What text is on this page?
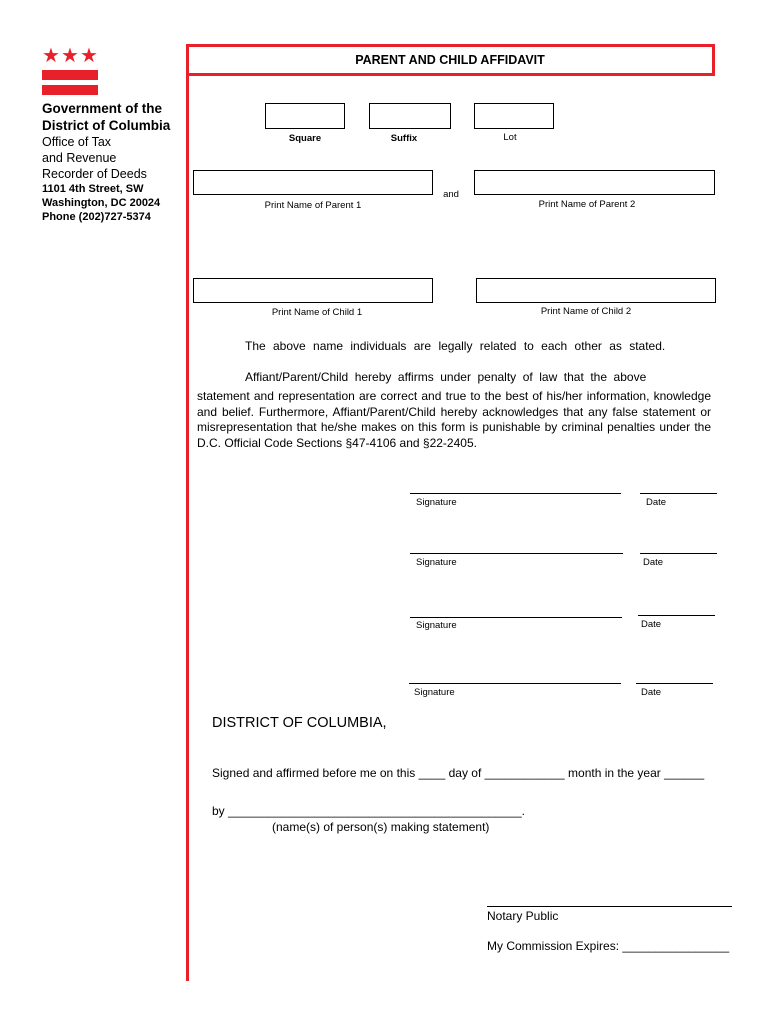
★ ★ ★
Government of the
District of Columbia
Office of Tax
and Revenue
Recorder of Deeds
1101 4th Street, SW
Washington, DC 20024
Phone (202)727-5374
PARENT AND CHILD AFFIDAVIT
Square	Suffix	Lot
Print Name of Parent 1
and
Print Name of Parent 2
Print Name of Child 1	Print Name of Child 2
The above name individuals are legally related to each other as stated.
Affiant/Parent/Child hereby affirms under penalty of law that the above
statement and representation are correct and true to the best of his/her information, knowledge and belief. Furthermore, Affiant/Parent/Child hereby acknowledges that any false statement or misrepresentation that he/she makes on this form is punishable by criminal penalties under the D.C. Official Code Sections §47-4106 and §22-2405.
Signature	Date
Signature	Date
Signature	Date
Signature	Date
DISTRICT OF COLUMBIA,
Signed and affirmed before me on this ____ day of ____________ month in the year ______
by ____________________________________________.
(name(s) of person(s) making statement)
Notary Public
My Commission Expires: ________________
